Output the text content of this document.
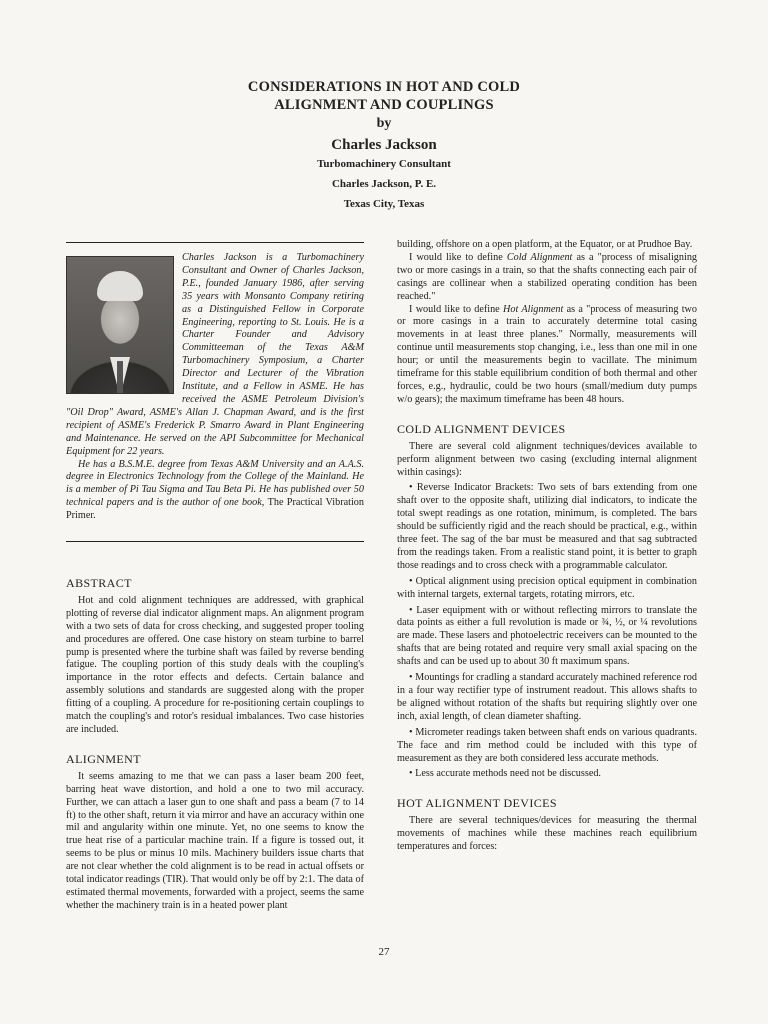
CONSIDERATIONS IN HOT AND COLD
ALIGNMENT AND COUPLINGS
by
Charles Jackson
Turbomachinery Consultant
Charles Jackson, P. E.
Texas City, Texas

Charles Jackson is a Turbomachinery Consultant and Owner of Charles Jackson, P.E., founded January 1986, after serving 35 years with Monsanto Company retiring as a Distinguished Fellow in Corporate Engineering, reporting to St. Louis. He is a Charter Founder and Advisory Committeeman of the Texas A&M Turbomachinery Symposium, a Charter Director and Lecturer of the Vibration Institute, and a Fellow in ASME. He has received the ASME Petroleum Division's "Oil Drop" Award, ASME's Allan J. Chapman Award, and is the first recipient of ASME's Frederick P. Smarro Award in Plant Engineering and Maintenance. He served on the API Subcommittee for Mechanical Equipment for 22 years.

He has a B.S.M.E. degree from Texas A&M University and an A.A.S. degree in Electronics Technology from the College of the Mainland. He is a member of Pi Tau Sigma and Tau Beta Pi. He has published over 50 technical papers and is the author of one book, The Practical Vibration Primer.

ABSTRACT

Hot and cold alignment techniques are addressed, with graphical plotting of reverse dial indicator alignment maps. An alignment program with a two sets of data for cross checking, and suggested proper tooling and procedures are offered. One case history on steam turbine to barrel pump is presented where the turbine shaft was failed by reverse bending fatigue. The coupling portion of this study deals with the coupling's importance in the rotor effects and defects. Certain balance and assembly solutions and standards are suggested along with the proper fitting of a coupling. A procedure for re-positioning certain couplings to match the coupling's and rotor's residual imbalances. Two case histories are included.

ALIGNMENT

It seems amazing to me that we can pass a laser beam 200 feet, barring heat wave distortion, and hold a one to two mil accuracy. Further, we can attach a laser gun to one shaft and pass a beam (7 to 14 ft) to the other shaft, return it via mirror and have an accuracy within one mil and angularity within one minute. Yet, no one seems to know the true heat rise of a particular machine train. If a figure is tossed out, it seems to be plus or minus 10 mils. Machinery builders issue charts that are not clear whether the cold alignment is to be read in actual offsets or total indicator readings (TIR). That would only be off by 2:1. The data of estimated thermal movements, forwarded with a project, seems the same whether the machinery train is in a heated power plant

building, offshore on a open platform, at the Equator, or at Prudhoe Bay.

I would like to define Cold Alignment as a "process of misaligning two or more casings in a train, so that the shafts connecting each pair of casings are collinear when a stabilized operating condition has been reached."

I would like to define Hot Alignment as a "process of measuring two or more casings in a train to accurately determine total casing movements in at least three planes." Normally, measurements will continue until measurements stop changing, i.e., less than one mil in one hour; or until the measurements begin to vacillate. The minimum timeframe for this stable equilibrium condition of both thermal and other forces, e.g., hydraulic, could be two hours (small/medium duty pumps w/o gears); the maximum timeframe has been 48 hours.

COLD ALIGNMENT DEVICES

There are several cold alignment techniques/devices available to perform alignment between two casing (excluding internal alignment within casings):

• Reverse Indicator Brackets: Two sets of bars extending from one shaft over to the opposite shaft, utilizing dial indicators, to indicate the total swept readings as one rotation, minimum, is completed. The bars should be sufficiently rigid and the reach should be practical, e.g., within three feet. The sag of the bar must be measured and that sag subtracted from the readings taken. From a realistic stand point, it is better to graph those readings and to cross check with a programmable calculator.

• Optical alignment using precision optical equipment in combination with internal targets, external targets, rotating mirrors, etc.

• Laser equipment with or without reflecting mirrors to translate the data points as either a full revolution is made or ¾, ½, or ¼ revolutions are made. These lasers and photoelectric receivers can be mounted to the shafts that are being rotated and require very small axial spacing on the shafts and can be used up to about 30 ft maximum spans.

• Mountings for cradling a standard accurately machined reference rod in a four way rectifier type of instrument readout. This allows shafts to be aligned without rotation of the shafts but requiring slightly over one inch, axial length, of clean diameter shafting.

• Micrometer readings taken between shaft ends on various quadrants. The face and rim method could be included with this type of measurement as they are both considered less accurate methods.

• Less accurate methods need not be discussed.

HOT ALIGNMENT DEVICES

There are several techniques/devices for measuring the thermal movements of machines while these machines reach equilibrium temperatures and forces:

27
